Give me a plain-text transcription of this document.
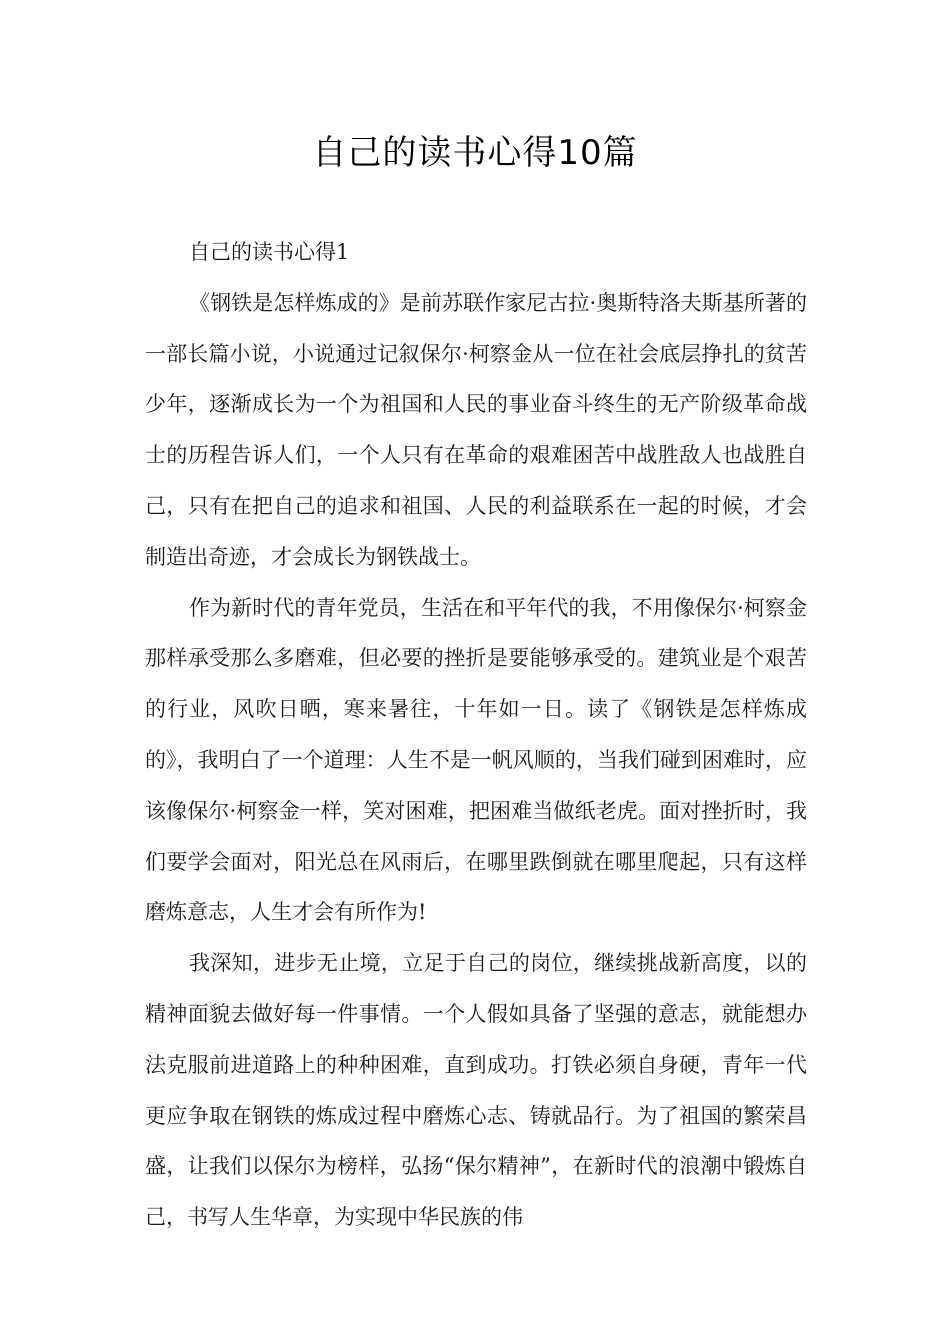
自己的读书心得10篇

自己的读书心得1

《钢铁是怎样炼成的》是前苏联作家尼古拉·奥斯特洛夫斯基所著的一部长篇小说，小说通过记叙保尔·柯察金从一位在社会底层挣扎的贫苦少年，逐渐成长为一个为祖国和人民的事业奋斗终生的无产阶级革命战士的历程告诉人们，一个人只有在革命的艰难困苦中战胜敌人也战胜自己，只有在把自己的追求和祖国、人民的利益联系在一起的时候，才会制造出奇迹，才会成长为钢铁战士。

作为新时代的青年党员，生活在和平年代的我，不用像保尔·柯察金那样承受那么多磨难，但必要的挫折是要能够承受的。建筑业是个艰苦的行业，风吹日晒，寒来暑往，十年如一日。读了《钢铁是怎样炼成的》，我明白了一个道理：人生不是一帆风顺的，当我们碰到困难时，应该像保尔·柯察金一样，笑对困难，把困难当做纸老虎。面对挫折时，我们要学会面对，阳光总在风雨后，在哪里跌倒就在哪里爬起，只有这样磨炼意志，人生才会有所作为!

我深知，进步无止境，立足于自己的岗位，继续挑战新高度，以的精神面貌去做好每一件事情。一个人假如具备了坚强的意志，就能想办法克服前进道路上的种种困难，直到成功。打铁必须自身硬，青年一代更应争取在钢铁的炼成过程中磨炼心志、铸就品行。为了祖国的繁荣昌盛，让我们以保尔为榜样，弘扬“保尔精神”，在新时代的浪潮中锻炼自己，书写人生华章，为实现中华民族的伟
